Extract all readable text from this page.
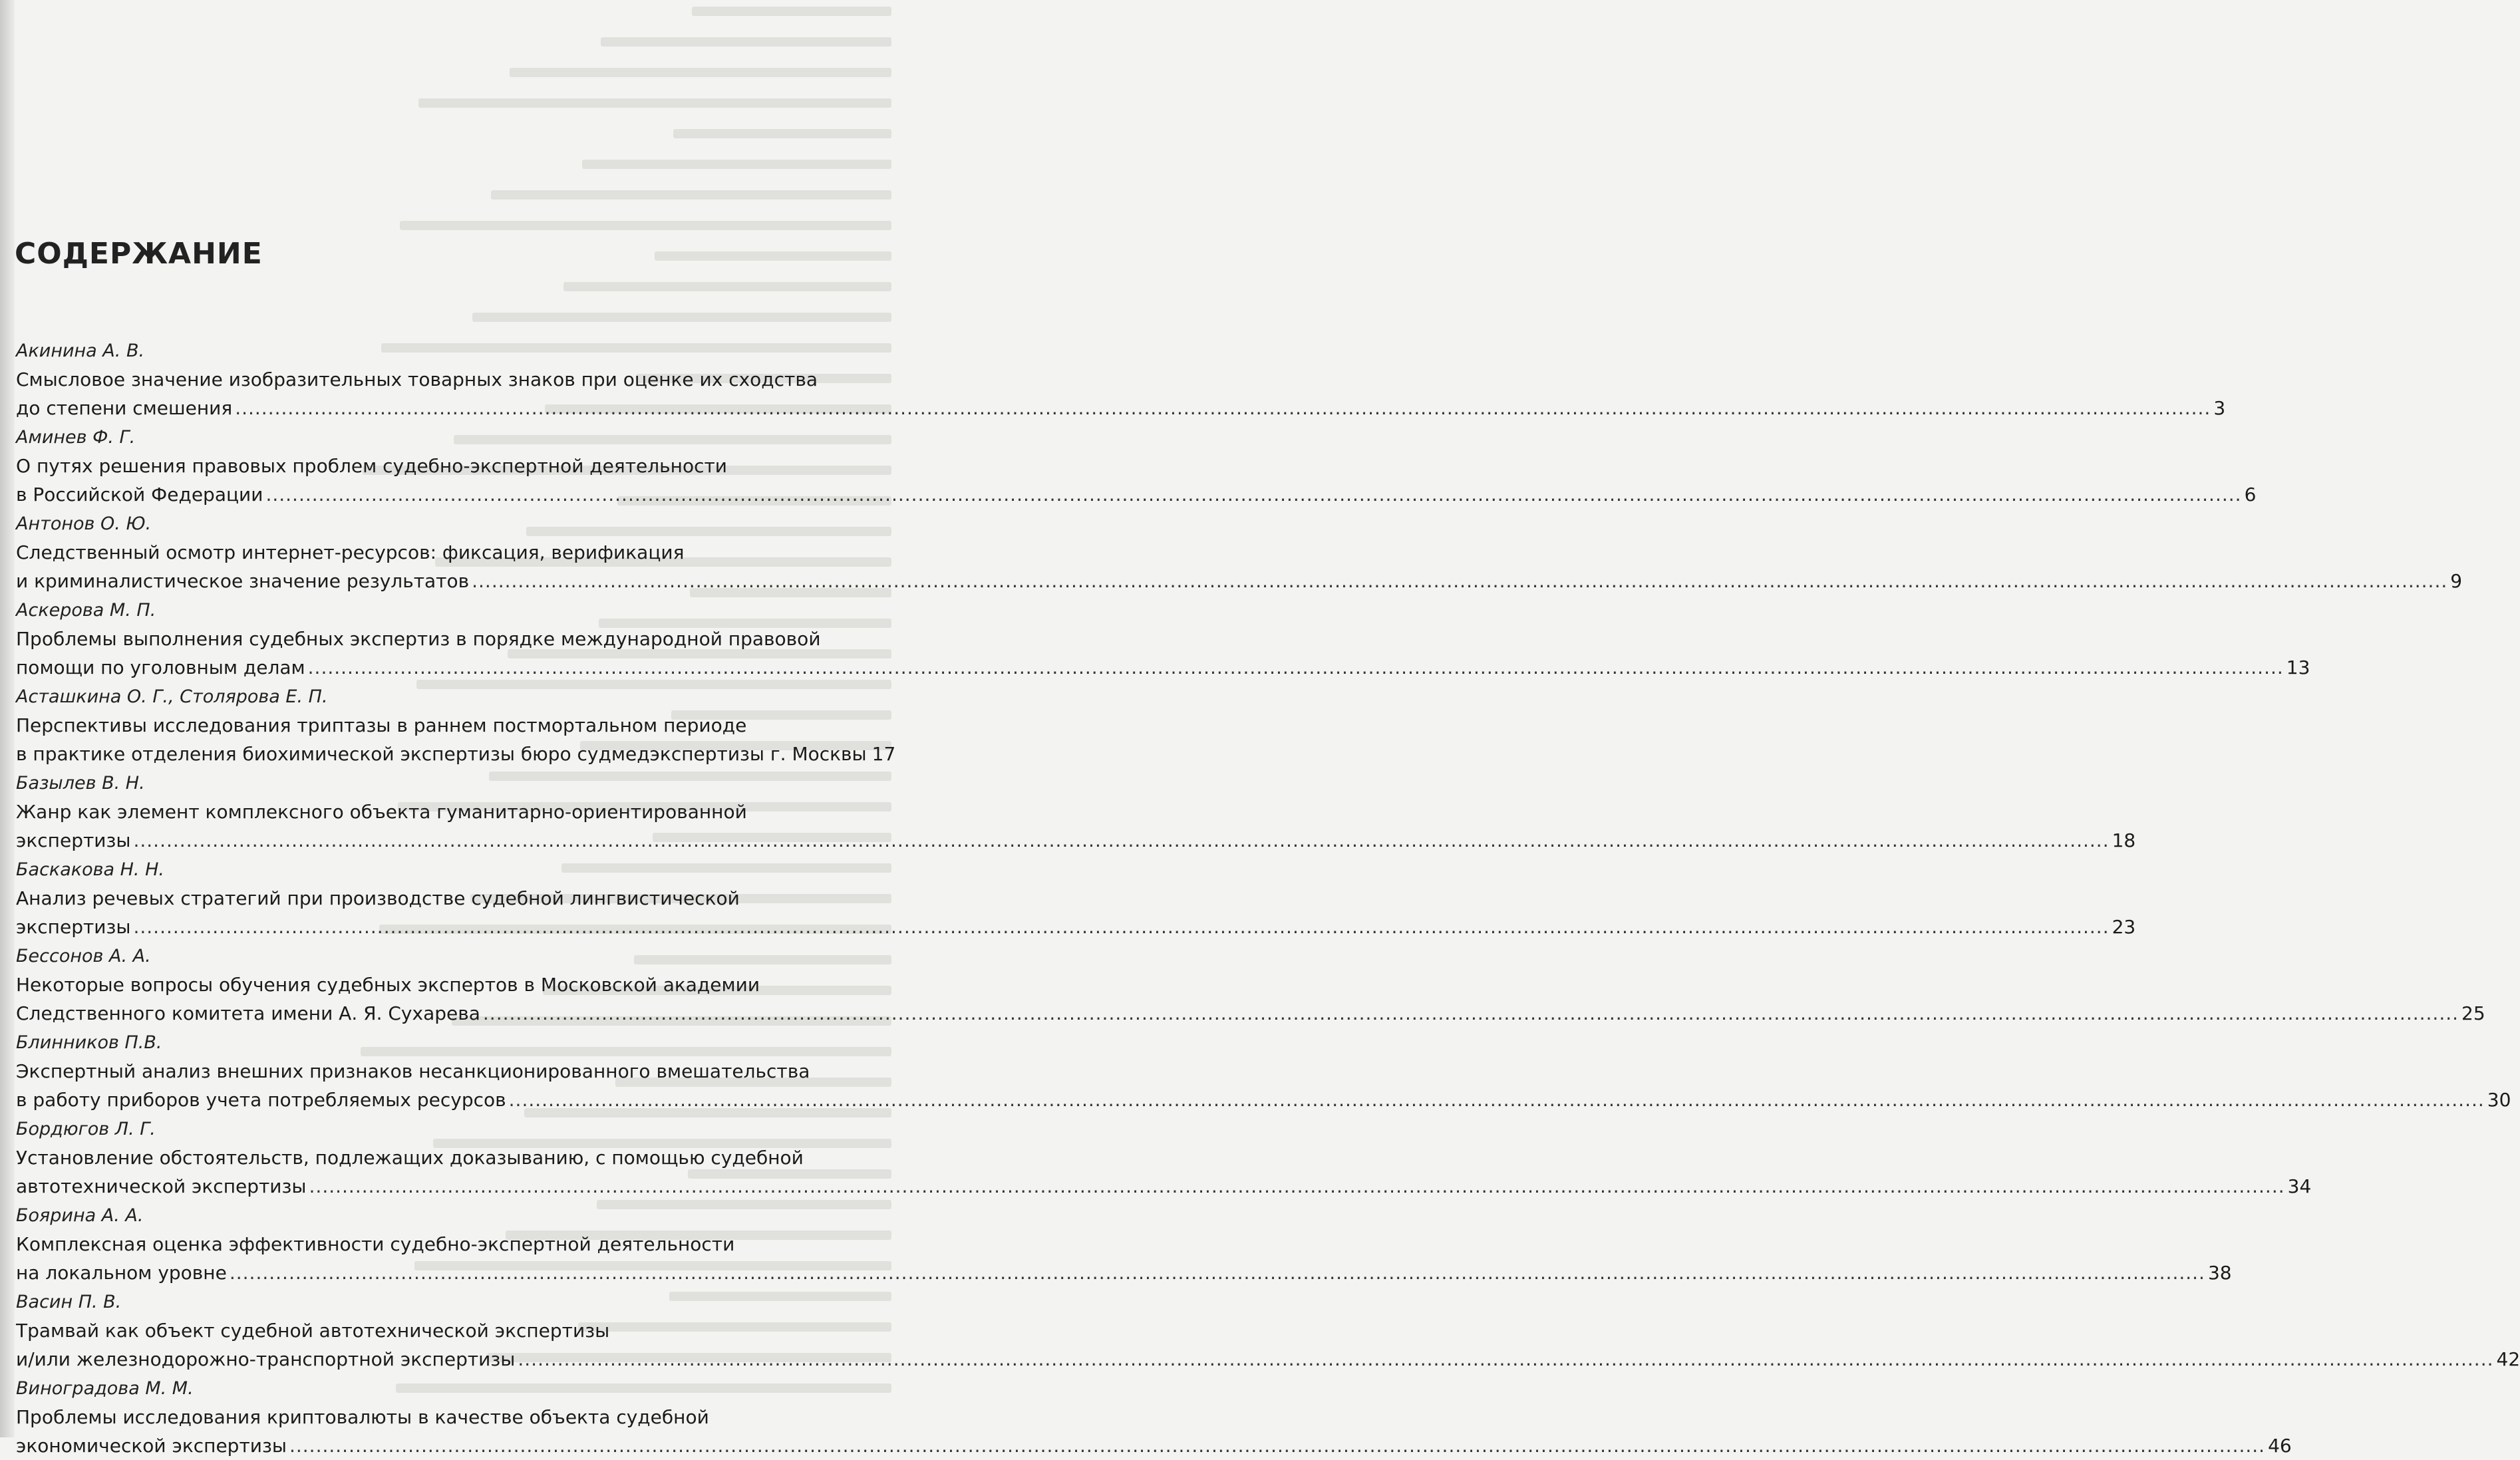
СОДЕРЖАНИЕ
Акинина А. В.
Смысловое значение изобразительных товарных знаков при оценке их сходства
до степени смешения ............................................................................................................................................................................................................................................................................................................ 3
Аминев Ф. Г.
О путях решения правовых проблем судебно-экспертной деятельности
в Российской Федерации ............................................................................................................................................................................................................................................................................................................ 6
Антонов О. Ю.
Следственный осмотр интернет-ресурсов: фиксация, верификация
и криминалистическое значение результатов ............................................................................................................................................................................................................................................................................................................ 9
Аскерова М. П.
Проблемы выполнения судебных экспертиз в порядке международной правовой
помощи по уголовным делам ............................................................................................................................................................................................................................................................................................................ 13
Асташкина О. Г., Столярова Е. П.
Перспективы исследования триптазы в раннем постмортальном периоде
в практике отделения биохимической экспертизы бюро судмедэкспертизы г. Москвы 17
Базылев В. Н.
Жанр как элемент комплексного объекта гуманитарно-ориентированной
экспертизы ............................................................................................................................................................................................................................................................................................................ 18
Баскакова Н. Н.
Анализ речевых стратегий при производстве судебной лингвистической
экспертизы ............................................................................................................................................................................................................................................................................................................ 23
Бессонов А. А.
Некоторые вопросы обучения судебных экспертов в Московской академии
Следственного комитета имени А. Я. Сухарева ............................................................................................................................................................................................................................................................................................................ 25
Блинников П.В.
Экспертный анализ внешних признаков несанкционированного вмешательства
в работу приборов учета потребляемых ресурсов ............................................................................................................................................................................................................................................................................................................ 30
Бордюгов Л. Г.
Установление обстоятельств, подлежащих доказыванию, с помощью судебной
автотехнической экспертизы ............................................................................................................................................................................................................................................................................................................ 34
Боярина А. А.
Комплексная оценка эффективности судебно-экспертной деятельности
на локальном уровне ............................................................................................................................................................................................................................................................................................................ 38
Васин П. В.
Трамвай как объект судебной автотехнической экспертизы
и/или железнодорожно-транспортной экспертизы ............................................................................................................................................................................................................................................................................................................ 42
Виноградова М. М.
Проблемы исследования криптовалюты в качестве объекта судебной
экономической экспертизы ............................................................................................................................................................................................................................................................................................................ 46
